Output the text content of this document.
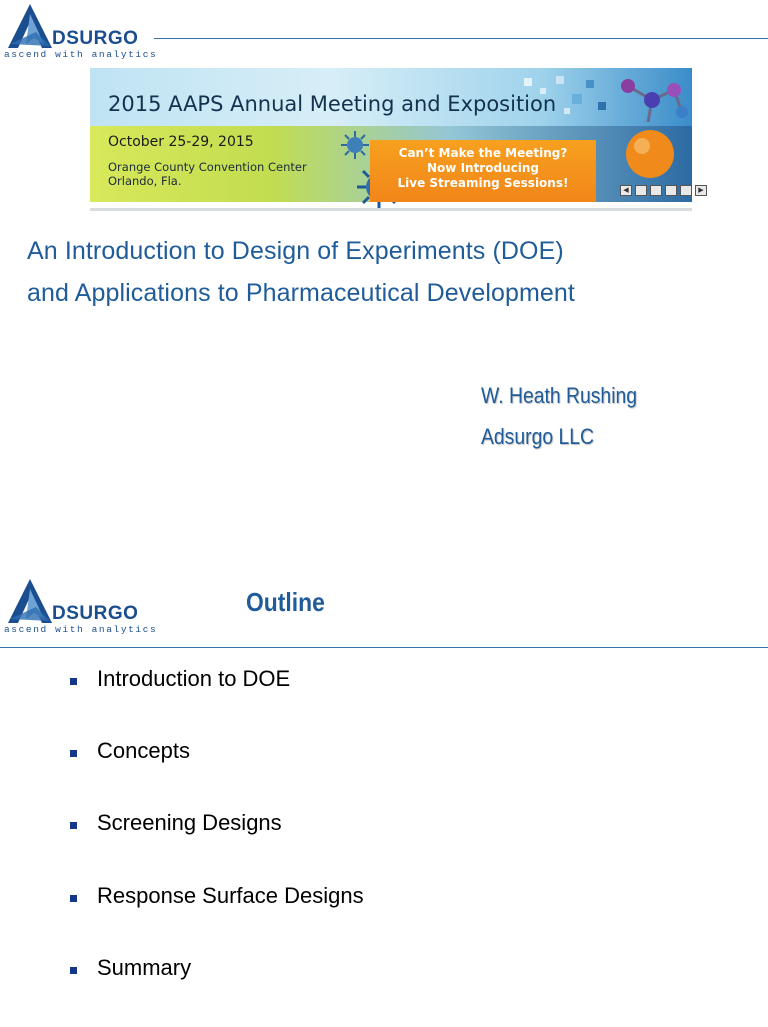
DSURGO
ascend with analytics
2015 AAPS Annual Meeting and Exposition
October 25-29, 2015
Orange County Convention Center
Orlando, Fla.
Can’t Make the Meeting?
Now Introducing
Live Streaming Sessions!
◀	▶
An Introduction to Design of Experiments (DOE)
and Applications to Pharmaceutical Development
W. Heath Rushing
Adsurgo LLC
DSURGO
ascend with analytics
Outline
Introduction to DOE
Concepts
Screening Designs
Response Surface Designs
Summary
